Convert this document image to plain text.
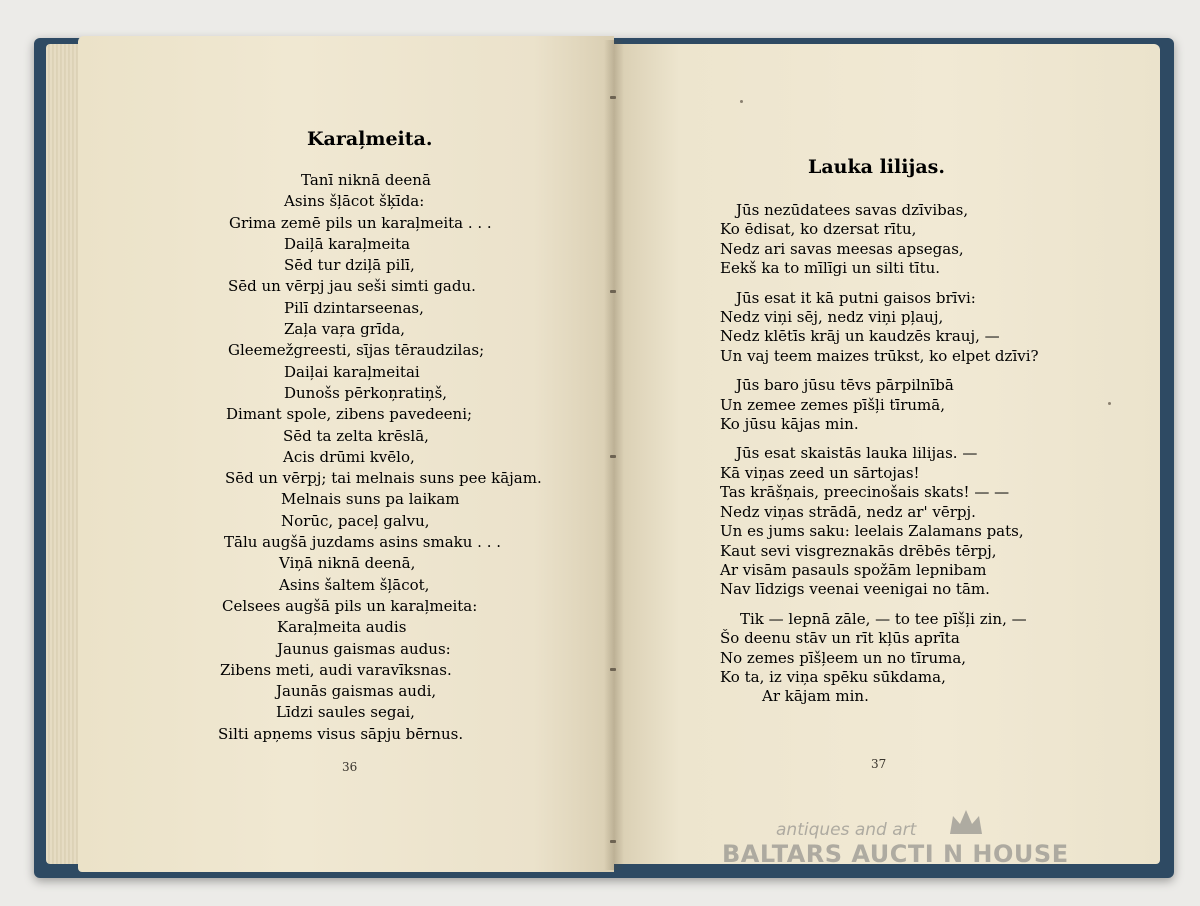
Karaļmeita.
Tanī niknā deenā
Asins šļācot šķīda:
Grima zemē pils un karaļmeita . . .
Daiļā karaļmeita
Sēd tur dziļā pilī,
Sēd un vērpj jau seši simti gadu.
Pilī dzintarseenas,
Zaļa vaŗa grīda,
Gleemežgreesti, sījas tēraudzilas;
Daiļai karaļmeitai
Dunošs pērkoņratiņš,
Dimant spole, zibens pavedeeni;
Sēd ta zelta krēslā,
Acis drūmi kvēlo,
Sēd un vērpj; tai melnais suns pee kājam.
Melnais suns pa laikam
Norūc, paceļ galvu,
Tālu augšā juzdams asins smaku . . .
Viņā niknā deenā,
Asins šaltem šļācot,
Celsees augšā pils un karaļmeita:
Karaļmeita audis
Jaunus gaismas audus:
Zibens meti, audi varavīksnas.
Jaunās gaismas audi,
Līdzi saules segai,
Silti apņems visus sāpju bērnus.
36
Lauka lilijas.
Jūs nezūdatees savas dzīvibas,
Ko ēdisat, ko dzersat rītu,
Nedz ari savas meesas apsegas,
Eekš ka to mīlīgi un silti tītu.
Jūs esat it kā putni gaisos brīvi:
Nedz viņi sēj, nedz viņi pļauj,
Nedz klētīs krāj un kaudzēs krauj, —
Un vaj teem maizes trūkst, ko elpet dzīvi?
Jūs baro jūsu tēvs pārpilnībā
Un zemee zemes pīšļi tīrumā,
Ko jūsu kājas min.
Jūs esat skaistās lauka lilijas. —
Kā viņas zeed un sārtojas!
Tas krāšņais, preecinošais skats! — —
Nedz viņas strādā, nedz ar' vērpj.
Un es jums saku: leelais Zalamans pats,
Kaut sevi visgreznakās drēbēs tērpj,
Ar visām pasauls spožām lepnibam
Nav līdzigs veenai veenigai no tām.
Tik — lepnā zāle, — to tee pīšļi zin, —
Šo deenu stāv un rīt kļūs aprīta
No zemes pīšļeem un no tīruma,
Ko ta, iz viņa spēku sūkdama,
Ar kājam min.
37
antiques and art
BALTARS AUCTI N HOUSE
